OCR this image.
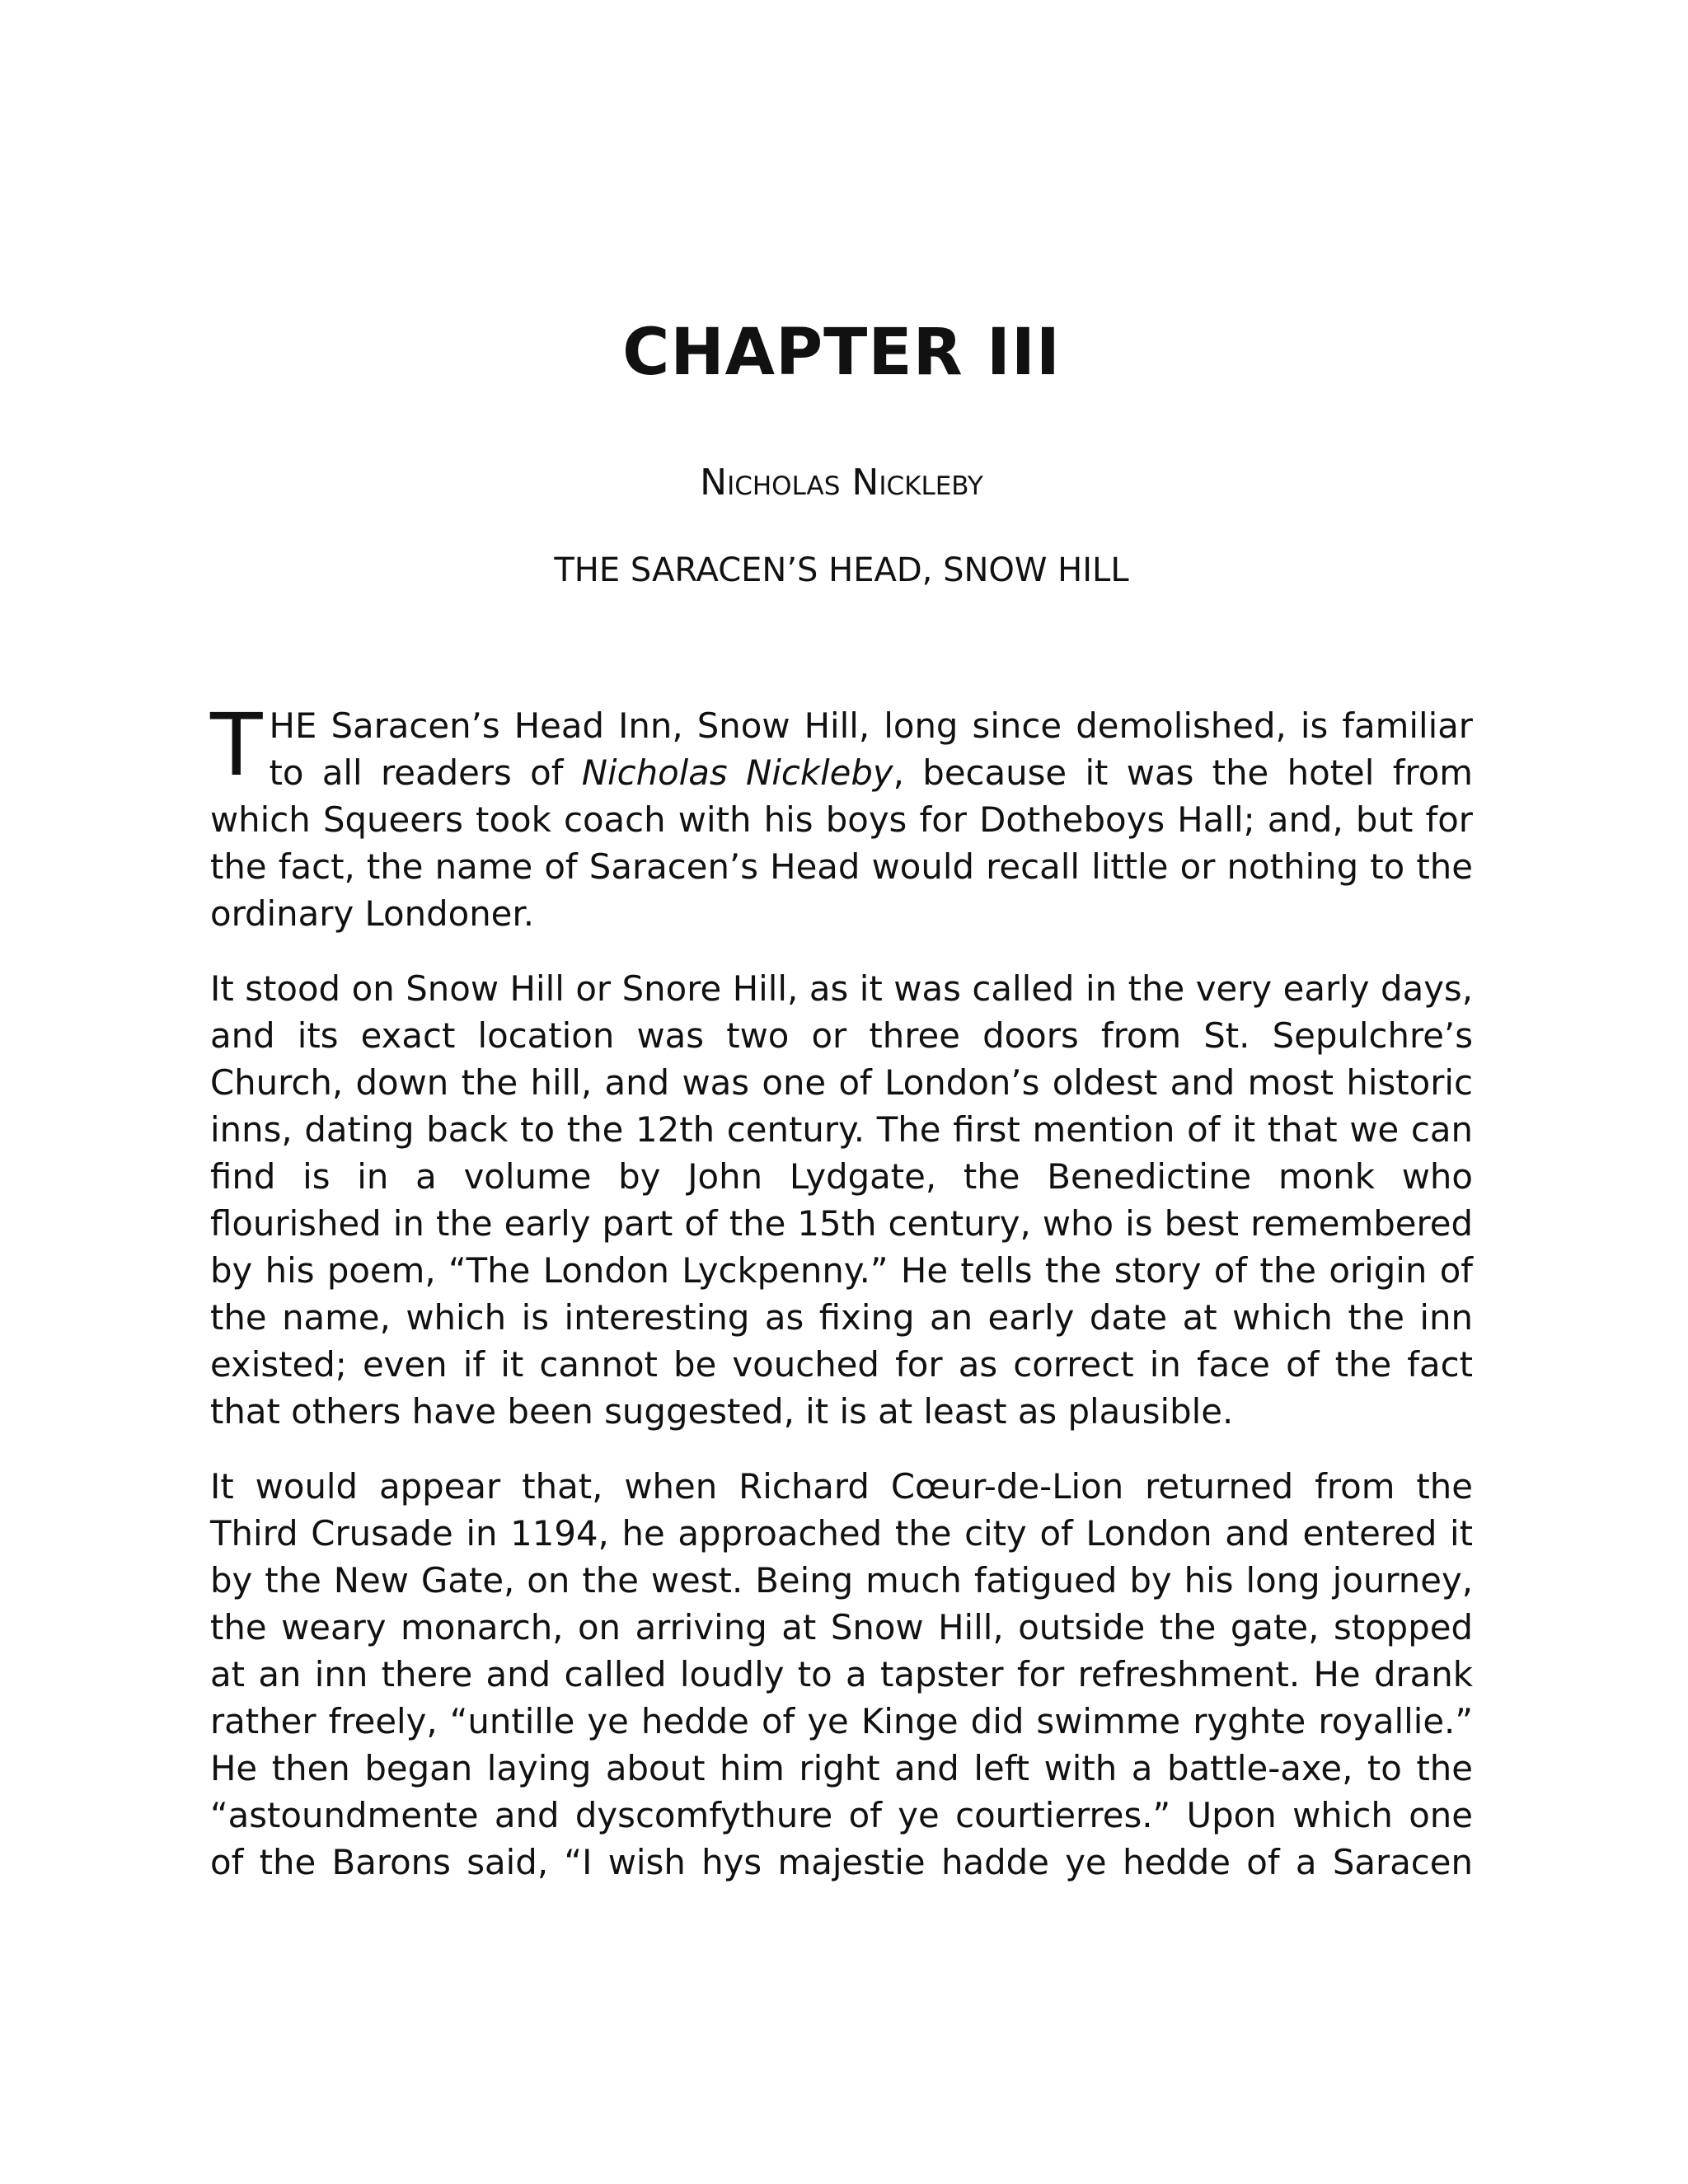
CHAPTER III
Nicholas Nickleby
THE SARACEN’S HEAD, SNOW HILL

THE Saracen’s Head Inn, Snow Hill, long since demolished, is familiar to all readers of Nicholas Nickleby, because it was the hotel from which Squeers took coach with his boys for Dotheboys Hall; and, but for the fact, the name of Saracen’s Head would recall little or nothing to the ordinary Londoner.

It stood on Snow Hill or Snore Hill, as it was called in the very early days, and its exact location was two or three doors from St. Sepulchre’s Church, down the hill, and was one of London’s oldest and most historic inns, dating back to the 12th century. The first mention of it that we can find is in a volume by John Lydgate, the Benedictine monk who flourished in the early part of the 15th century, who is best remembered by his poem, “The London Lyckpenny.” He tells the story of the origin of the name, which is interesting as fixing an early date at which the inn existed; even if it cannot be vouched for as correct in face of the fact that others have been suggested, it is at least as plausible.

It would appear that, when Richard Cœur-de-Lion returned from the Third Crusade in 1194, he approached the city of London and entered it by the New Gate, on the west. Being much fatigued by his long journey, the weary monarch, on arriving at Snow Hill, outside the gate, stopped at an inn there and called loudly to a tapster for refreshment. He drank rather freely, “untille ye hedde of ye Kinge did swimme ryghte royallie.” He then began laying about him right and left with a battle-axe, to the “astoundmente and dyscomfythure of ye courtierres.” Upon which one of the Barons said, “I wish hys majestie hadde ye hedde of a Saracen
